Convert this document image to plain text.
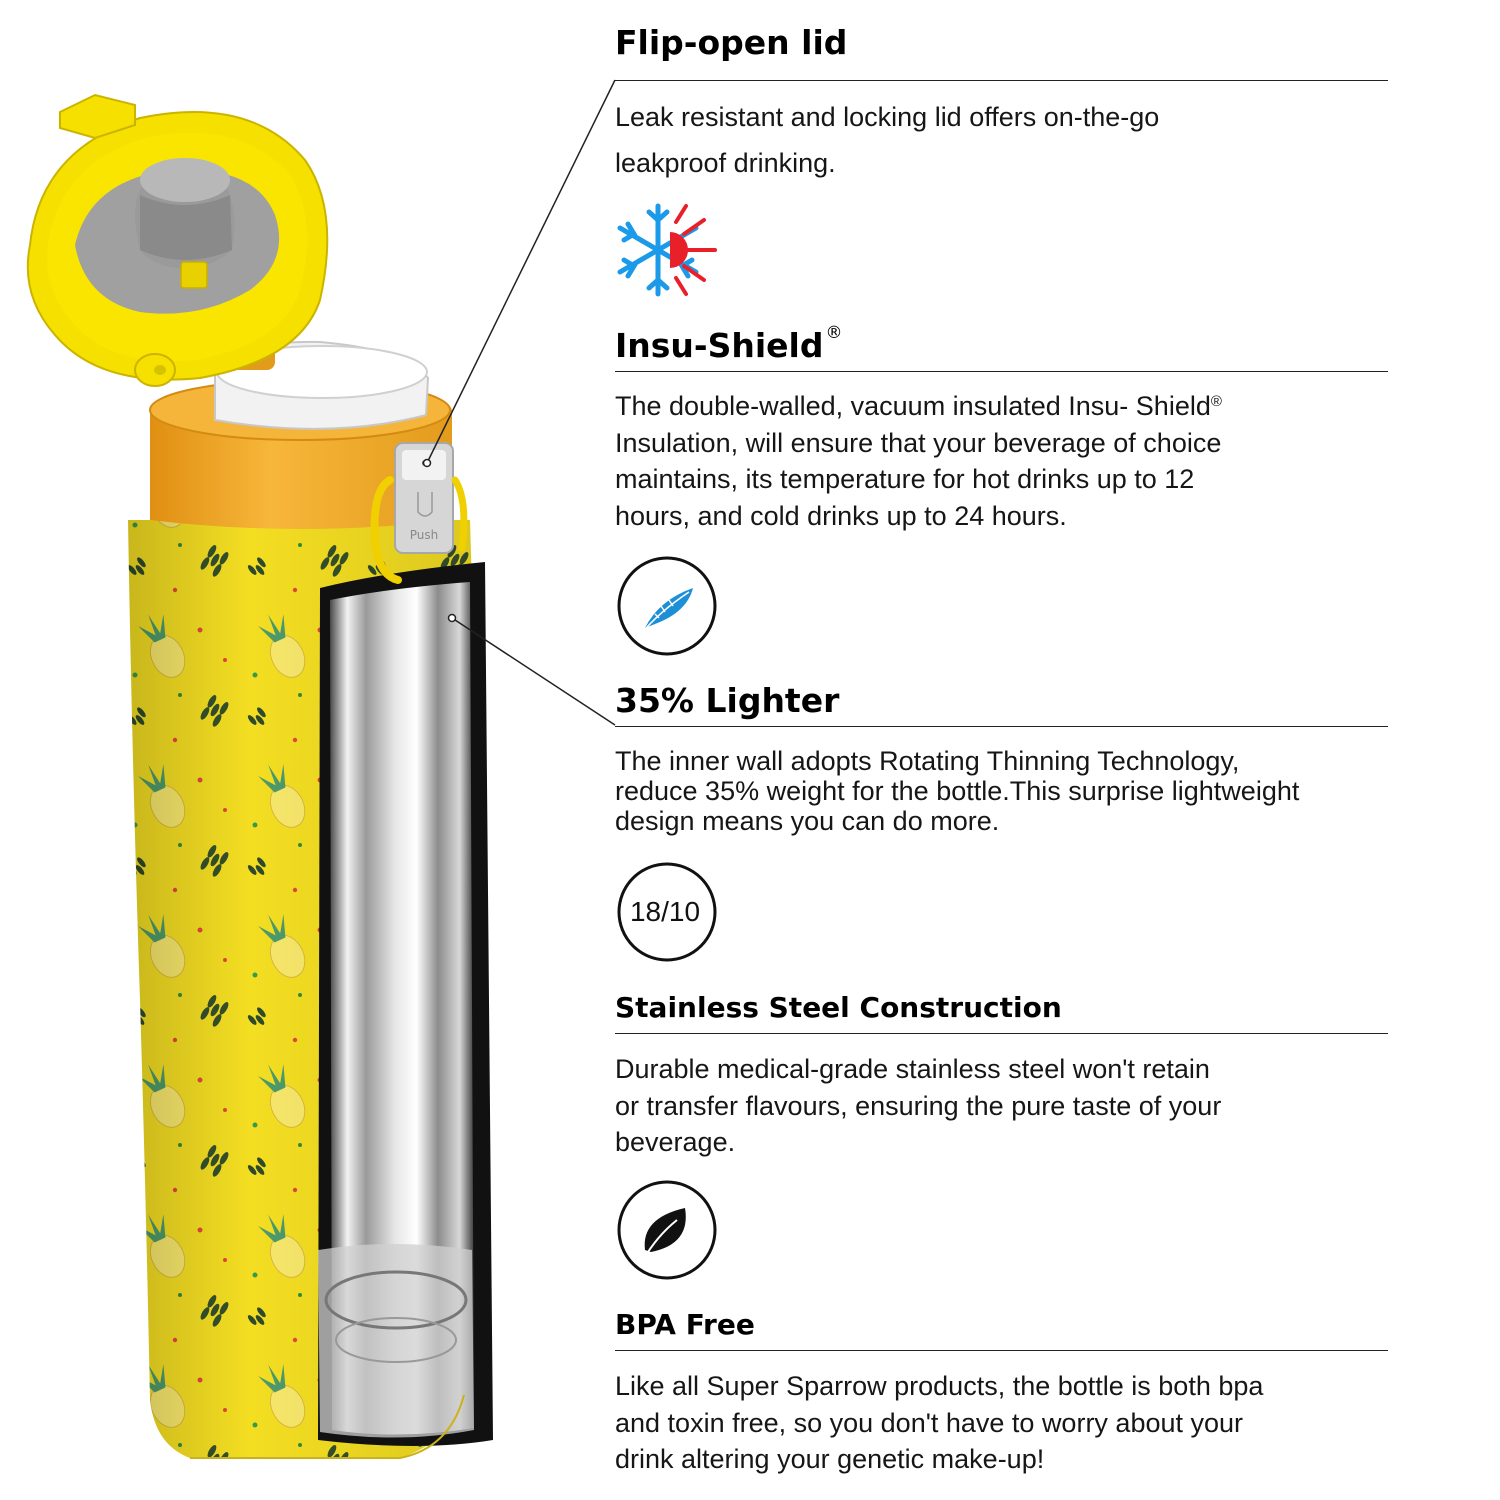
Push
Flip-open lid

Leak resistant and locking lid offers on-the-go
leakproof drinking.

Insu-Shield ®

The double-walled, vacuum insulated Insu- Shield®
Insulation, will ensure that your beverage of choice
maintains, its temperature for hot drinks up to 12
hours, and cold drinks up to 24 hours.

35% Lighter

The inner wall adopts Rotating Thinning Technology,
reduce 35% weight for the bottle.This surprise lightweight
design means you can do more.

18/10
Stainless Steel Construction

Durable medical-grade stainless steel won't retain
or transfer flavours, ensuring the pure taste of your
beverage.

BPA Free

Like all Super Sparrow products, the bottle is both bpa
and toxin free, so you don't have to worry about your
drink altering your genetic make-up!
